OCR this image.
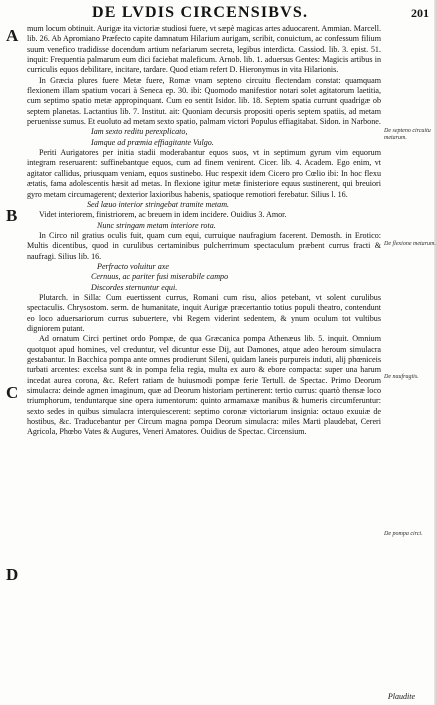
DE LVDIS CIRCENSIBVS.	201
A
B
C
D
De septeno circuitu metarum.
De flexione metarum.
De naufragiis.
De pompa circi.

mum locum obtinuit. Aurigæ ita victoriæ studiosi fuere, vt sæpè magicas artes aduocarent. Ammian. Marcell. lib. 26. Ab Apromiano Præfecto capite damnatum Hilarium aurigam, scribit, conuictum, ac confessum filium suum venefico tradidisse docendum artium nefariarum secreta, legibus interdicta. Cassiod. lib. 3. epist. 51. inquit: Frequentia palmarum eum dici faciebat maleficum. Arnob. lib. 1. aduersus Gentes: Magicis artibus in curriculis equos debilitare, incitare, tardare. Quod etiam refert D. Hieronymus in vita Hilarionis.

In Græcia plures fuere Metæ fuere, Romæ vnam septeno circuitu flectendam constat: quamquam flexionem illam spatium vocari à Seneca ep. 30. ibi: Quomodo manifestior notari solet agitatorum laetitia, cum septimo spatio metæ appropinquant. Cum eo sentit Isidor. lib. 18. Septem spatia currunt quadrigæ ob septem planetas. Lactantius lib. 7. Institut. ait: Quoniam decursis propositi operis septem spatiis, ad metam peruenisse sumus. Et euoluto ad metam sexto spatio, palmam victori Populus effiagitabat. Sidon. in Narbone.

Iam sexto reditu perexplicato,

Iamque ad præmia effiagitante Vulgo.

Periti Aurigatores per initia stadii moderabantur equos suos, vt in septimum gyrum vim equorum integram reseruarent: suffinebantque equos, cum ad finem venirent. Cicer. lib. 4. Academ. Ego enim, vt agitator callidus, priusquam veniam, equos sustinebo. Huc respexit idem Cicero pro Cœlio ibi: In hoc flexu ætatis, fama adolescentis hæsit ad metas. In flexione igitur metæ finisteriore equus sustinerent, qui breuiori gyro metam circumagerent; dexterior laxioribus habenis, spatioque remotiori ferebatur. Silius l. 16.

Sed læuo interior stringebat tramite metam.

Videt interiorem, finistriorem, ac breuem in idem incidere. Ouidius 3. Amor.

Nunc stringam metam interiore rota.

In Circo nil gratius oculis fuit, quam cum equi, curruique naufragium facerent. Demosth. in Erotico: Multis dicentibus, quod in curulibus certaminibus pulcherrimum spectaculum præbent currus fracti & naufragi. Silius lib. 16.

Perfracto voluitur axe

Cernuus, ac pariter fusi miserabile campo

Discordes sternuntur equi.

Plutarch. in Silla: Cum euertissent currus, Romani cum risu, alios petebant, vt solent curulibus spectaculis. Chrysostom. serm. de humanitate, inquit Aurigæ præcertantio totius populi theatro, contendunt eo loco aduersariorum currus subuertere, vbi Regem viderint sedentem, & ynum oculum tot vultibus digniorem putant.

Ad ornatum Circi pertinet ordo Pompæ, de qua Græcanica pompa Athenæus lib. 5. inquit. Omnium quotquot apud homines, vel creduntur, vel dicuntur esse Dij, aut Damones, atque adeo heroum simulacra gestabantur. In Bacchica pompa ante omnes prodierunt Sileni, quidam laneis purpureis induti, alij phœniceis turbati arcentes: excelsa sunt & in pompa felia regia, multa ex auro & ebore compacta: super una harum incedat aurea corona, &c. Refert ratiam de huiusmodi pompæ ferie Tertull. de Spectac. Primo Deorum simulacra: deinde agmen imaginum, quæ ad Deorum historiam pertinerent: tertio currus: quartò thensæ loco triumphorum, tenduntarque sine opera iumentorum: quinto armamaxæ manibus & humeris circumferuntur: sexto sedes in quibus simulacra interquiescerent: septimo coronæ victoriarum insignia: octauo exuuiæ de hostibus, &c. Traducebantur per Circum magna pompa Deorum simulacra: miles Marti plaudebat, Cereri Agricola, Phœbo Vates & Augures, Veneri Amatores. Ouidius de Spectac. Circensium.

Plaudite
